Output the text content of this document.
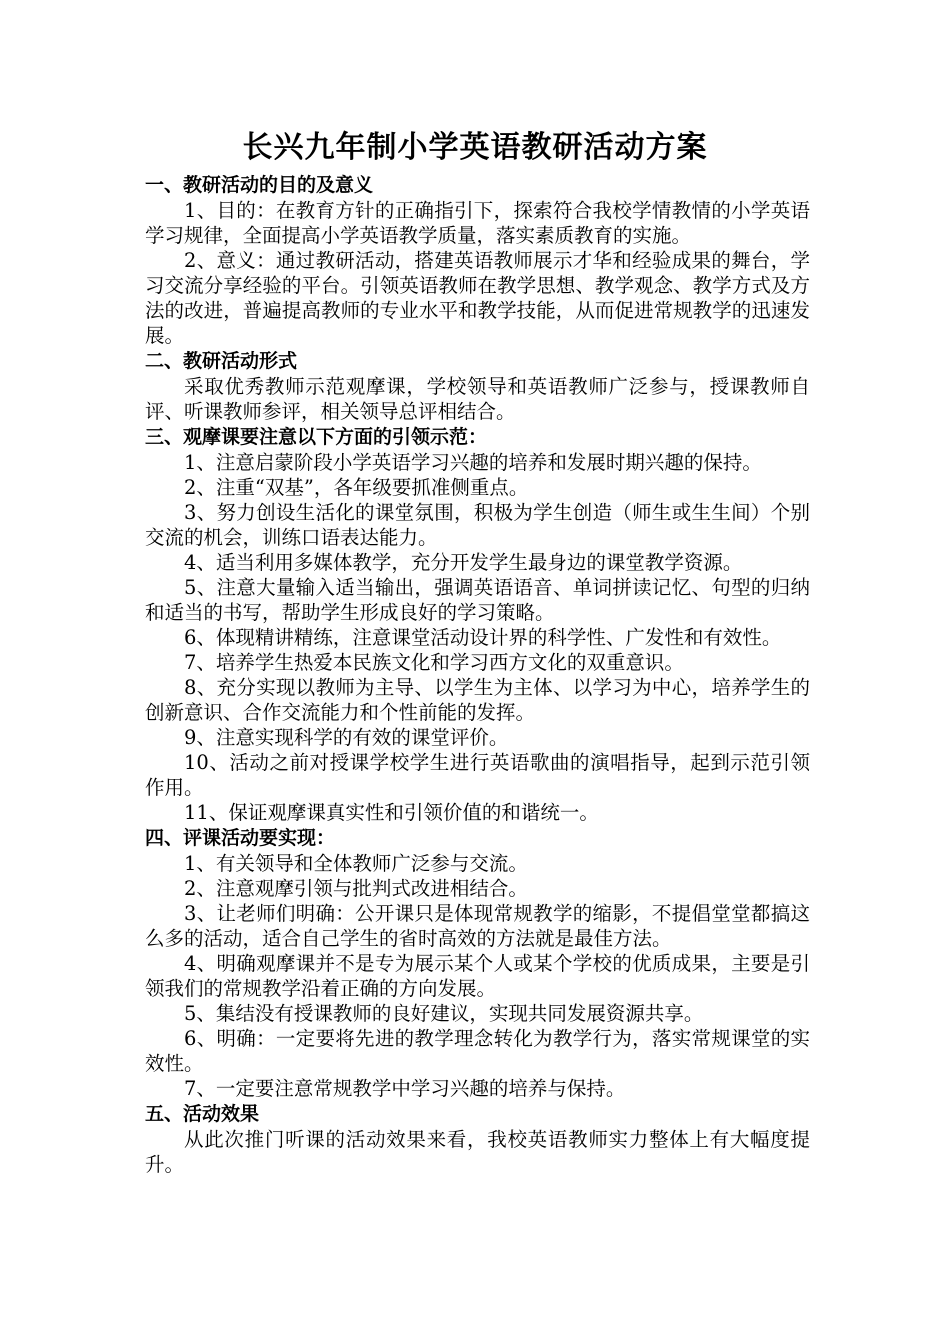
长兴九年制小学英语教研活动方案
一、教研活动的目的及意义

1、目的：在教育方针的正确指引下，探索符合我校学情教情的小学英语学习规律，全面提高小学英语教学质量，落实素质教育的实施。

2、意义：通过教研活动，搭建英语教师展示才华和经验成果的舞台，学习交流分享经验的平台。引领英语教师在教学思想、教学观念、教学方式及方法的改进，普遍提高教师的专业水平和教学技能，从而促进常规教学的迅速发展。

二、教研活动形式

采取优秀教师示范观摩课，学校领导和英语教师广泛参与，授课教师自评、听课教师参评，相关领导总评相结合。

三、观摩课要注意以下方面的引领示范：

1、注意启蒙阶段小学英语学习兴趣的培养和发展时期兴趣的保持。

2、注重“双基”，各年级要抓准侧重点。

3、努力创设生活化的课堂氛围，积极为学生创造（师生或生生间）个别交流的机会，训练口语表达能力。

4、适当利用多媒体教学，充分开发学生最身边的课堂教学资源。

5、注意大量输入适当输出，强调英语语音、单词拼读记忆、句型的归纳和适当的书写，帮助学生形成良好的学习策略。

6、体现精讲精练，注意课堂活动设计界的科学性、广发性和有效性。

7、培养学生热爱本民族文化和学习西方文化的双重意识。

8、充分实现以教师为主导、以学生为主体、以学习为中心，培养学生的创新意识、合作交流能力和个性前能的发挥。

9、注意实现科学的有效的课堂评价。

10、活动之前对授课学校学生进行英语歌曲的演唱指导，起到示范引领作用。

11、保证观摩课真实性和引领价值的和谐统一。

四、评课活动要实现：

1、有关领导和全体教师广泛参与交流。

2、注意观摩引领与批判式改进相结合。

3、让老师们明确：公开课只是体现常规教学的缩影，不提倡堂堂都搞这么多的活动，适合自己学生的省时高效的方法就是最佳方法。

4、明确观摩课并不是专为展示某个人或某个学校的优质成果，主要是引领我们的常规教学沿着正确的方向发展。

5、集结没有授课教师的良好建议，实现共同发展资源共享。

6、明确：一定要将先进的教学理念转化为教学行为，落实常规课堂的实效性。

7、一定要注意常规教学中学习兴趣的培养与保持。

五、活动效果

从此次推门听课的活动效果来看，我校英语教师实力整体上有大幅度提升。
